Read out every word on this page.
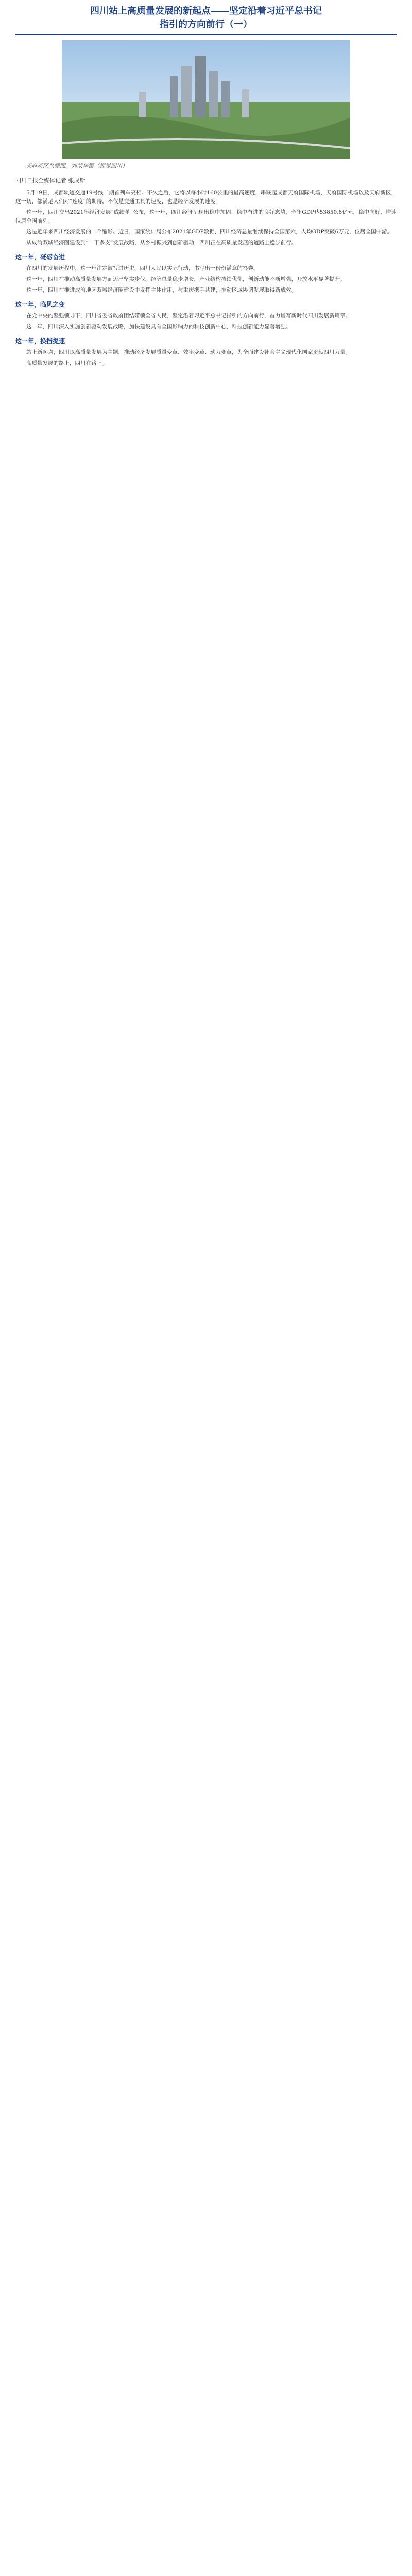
四川站上高质量发展的新起点——坚定沿着习近平总书记
指引的方向前行（一）
天府新区鸟瞰图。刘荣华摄（视觉四川）
四川日报全媒体记者 张成斯

5月19日，成都轨道交通19号线二期首列车亮相。不久之后，它将以每小时160公里的最高速度，串联起成都天府国际机场、天府国际机场以及天府新区，这一切，都满足人们对“速度”的期待，不仅是交通工具的速度，也是经济发展的速度。

这一年，四川交出2021年经济发展“成绩单”公布，这一年，四川经济呈现出稳中加固、稳中有进的良好态势，全年GDP达53850.8亿元，稳中向好，增速位居全国前列。

这是近年来四川经济发展的一个缩影。近日，国家统计局公布2021年GDP数据，四川经济总量继续保持全国第六，人均GDP突破6万元，位居全国中游。

从成渝双城经济圈建设到“一干多支”发展战略，从乡村振兴到创新驱动，四川正在高质量发展的道路上稳步前行。

这一年，砥砺奋进

在四川的发展历程中，这一年注定被写进历史。四川人民以实际行动，书写出一份份满意的答卷。

这一年，四川在推动高质量发展方面迈出坚实步伐。经济总量稳步增长，产业结构持续优化，创新动能不断增强，开放水平显著提升。

这一年，四川在推进成渝地区双城经济圈建设中发挥主体作用，与重庆携手共建，推动区域协调发展取得新成效。

这一年，临风之变

在党中央的坚强领导下，四川省委省政府团结带领全省人民，坚定沿着习近平总书记指引的方向前行，奋力谱写新时代四川发展新篇章。

这一年，四川深入实施创新驱动发展战略，加快建设具有全国影响力的科技创新中心，科技创新能力显著增强。

这一年，换挡提速

站上新起点，四川以高质量发展为主题，推动经济发展质量变革、效率变革、动力变革，为全面建设社会主义现代化国家贡献四川力量。

高质量发展的路上，四川在路上。
